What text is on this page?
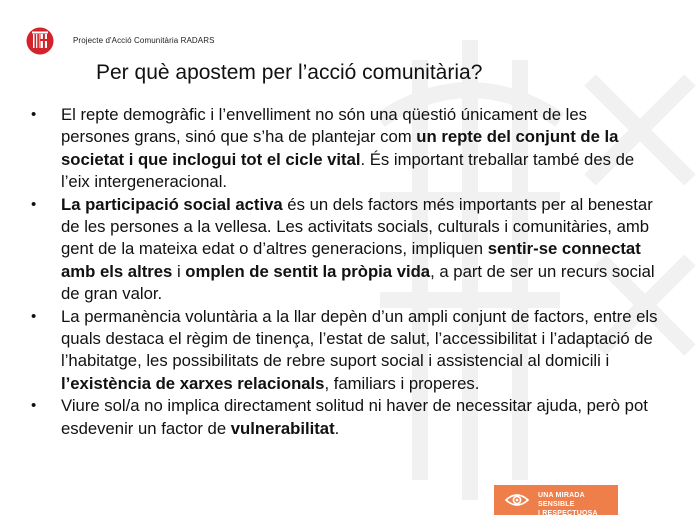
Projecte d'Acció Comunitària RADARS
Per què apostem per l’acció comunitària?
• El repte demogràfic i l’envelliment no són una qüestió únicament de les persones grans, sinó que s’ha de plantejar com un repte del conjunt de la societat i que inclogui tot el cicle vital. És important treballar també des de l’eix intergeneracional.
• La participació social activa és un dels factors més importants per al benestar de les persones a la vellesa. Les activitats socials, culturals i comunitàries, amb gent de la mateixa edat o d’altres generacions, impliquen sentir-se connectat amb els altres i omplen de sentit la pròpia vida, a part de ser un recurs social de gran valor.
• La permanència voluntària a la llar depèn d’un ampli conjunt de factors, entre els quals destaca el règim de tinença, l’estat de salut, l’accessibilitat i l’adaptació de l’habitatge, les possibilitats de rebre suport social i assistencial al domicili i l’existència de xarxes relacionals, familiars i properes.
• Viure sol/a no implica directament solitud ni haver de necessitar ajuda, però pot esdevenir un factor de vulnerabilitat.
UNA MIRADA SENSIBLE
I RESPECTUOSA
